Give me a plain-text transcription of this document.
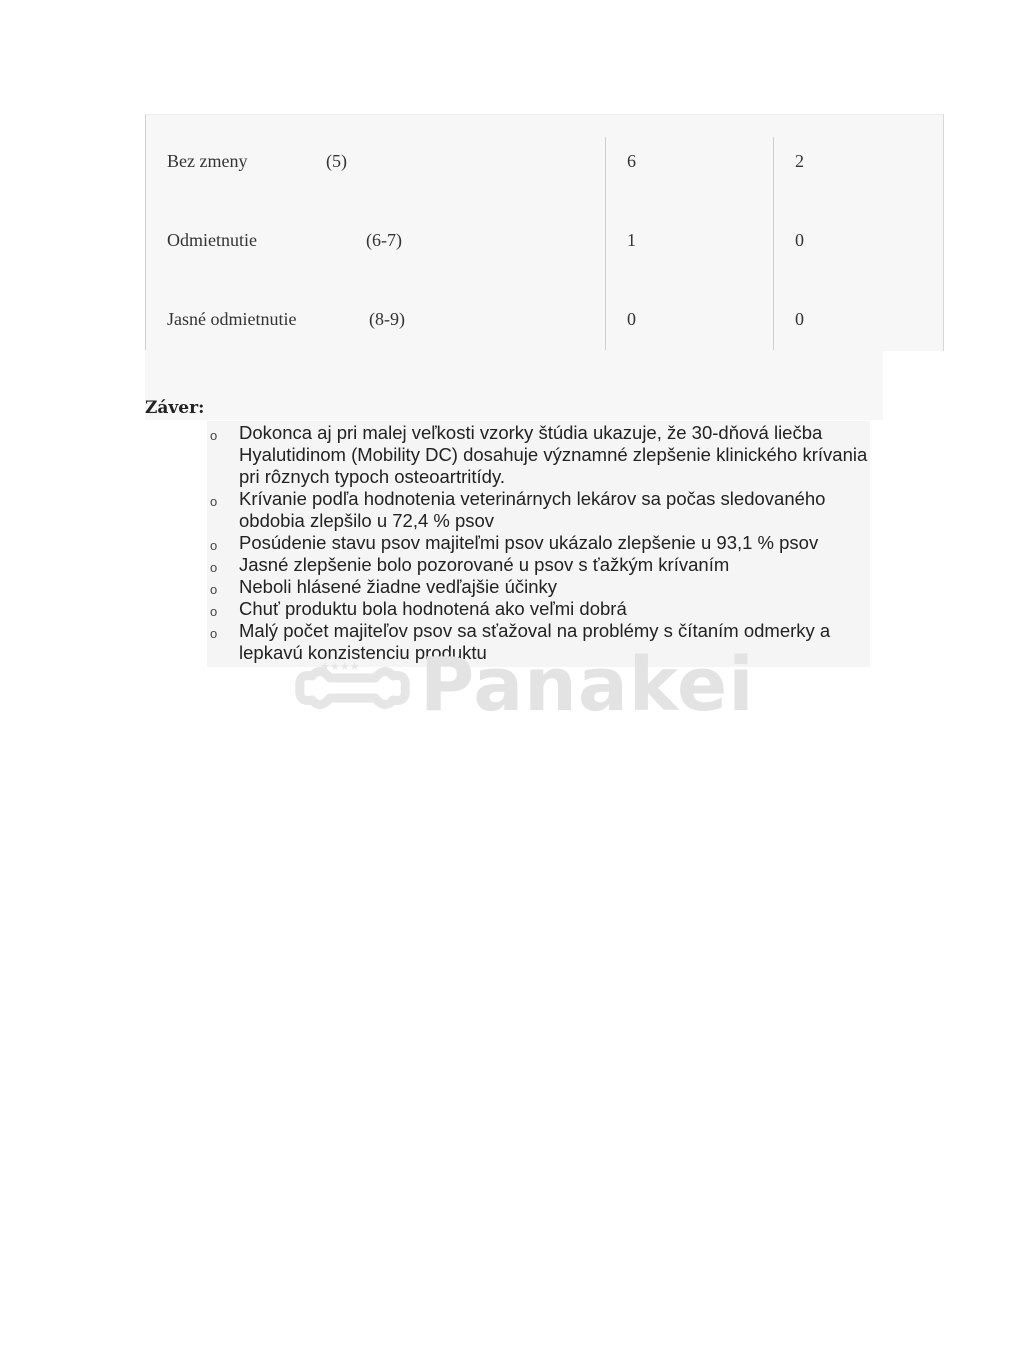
Bez zmeny	(5)	6	2
Odmietnutie	(6-7)	1	0
Jasné odmietnutie	(8-9)	0	0
Záver:
o Dokonca aj pri malej veľkosti vzorky štúdia ukazuje, že 30-dňová liečba Hyalutidinom (Mobility DC) dosahuje významné zlepšenie klinického krívania pri rôznych typoch osteoartritídy.
o Krívanie podľa hodnotenia veterinárnych lekárov sa počas sledovaného obdobia zlepšilo u 72,4 % psov
o Posúdenie stavu psov majiteľmi psov ukázalo zlepšenie u 93,1 % psov
o Jasné zlepšenie bolo pozorované u psov s ťažkým krívaním
o Neboli hlásené žiadne vedľajšie účinky
o Chuť produktu bola hodnotená ako veľmi dobrá
o Malý počet majiteľov psov sa sťažoval na problémy s čítaním odmerky a lepkavú konzistenciu produktu
★★★★ Panakei
